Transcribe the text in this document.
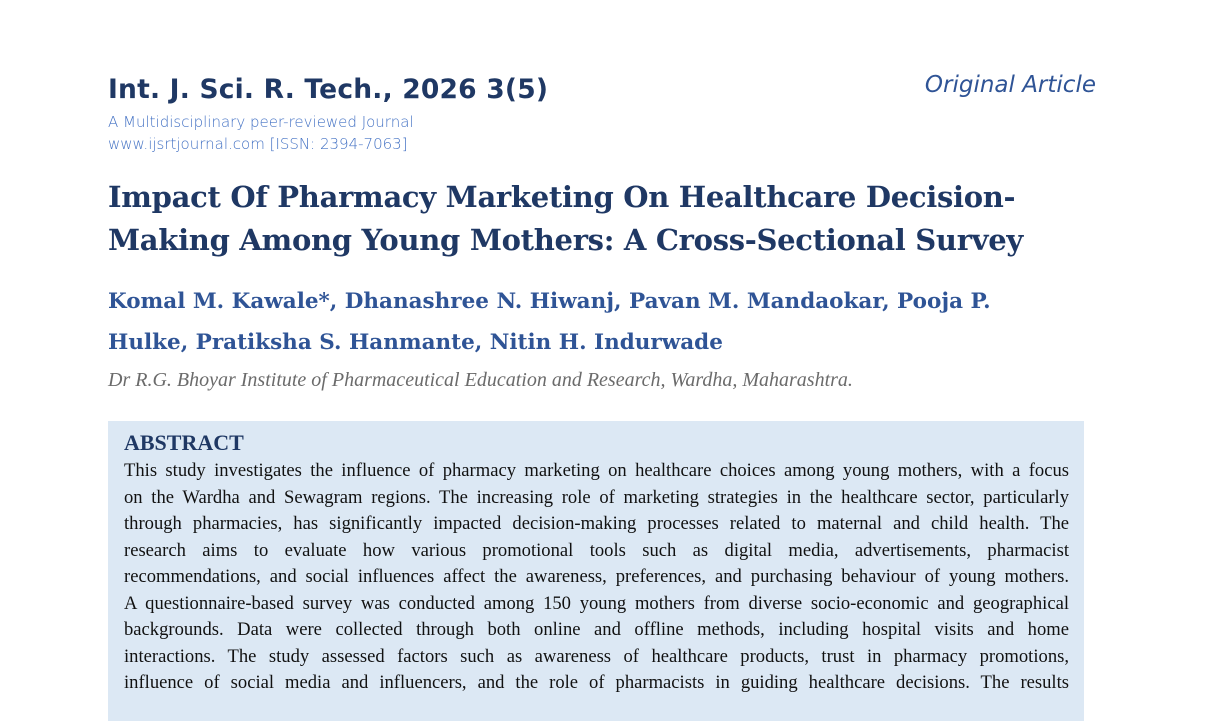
Int. J. Sci. R. Tech., 2026 3(5)
A Multidisciplinary peer-reviewed Journal
www.ijsrtjournal.com [ISSN: 2394-7063]
Original Article
Impact Of Pharmacy Marketing On Healthcare Decision-
Making Among Young Mothers: A Cross-Sectional Survey
Komal M. Kawale*, Dhanashree N. Hiwanj, Pavan M. Mandaokar, Pooja P.
Hulke, Pratiksha S. Hanmante, Nitin H. Indurwade
Dr R.G. Bhoyar Institute of Pharmaceutical Education and Research, Wardha, Maharashtra.
ABSTRACT
This study investigates the influence of pharmacy marketing on healthcare choices among young mothers, with a focus
on the Wardha and Sewagram regions. The increasing role of marketing strategies in the healthcare sector, particularly
through pharmacies, has significantly impacted decision-making processes related to maternal and child health. The
research aims to evaluate how various promotional tools such as digital media, advertisements, pharmacist
recommendations, and social influences affect the awareness, preferences, and purchasing behaviour of young mothers.
A questionnaire-based survey was conducted among 150 young mothers from diverse socio-economic and geographical
backgrounds. Data were collected through both online and offline methods, including hospital visits and home
interactions. The study assessed factors such as awareness of healthcare products, trust in pharmacy promotions,
influence of social media and influencers, and the role of pharmacists in guiding healthcare decisions. The results
